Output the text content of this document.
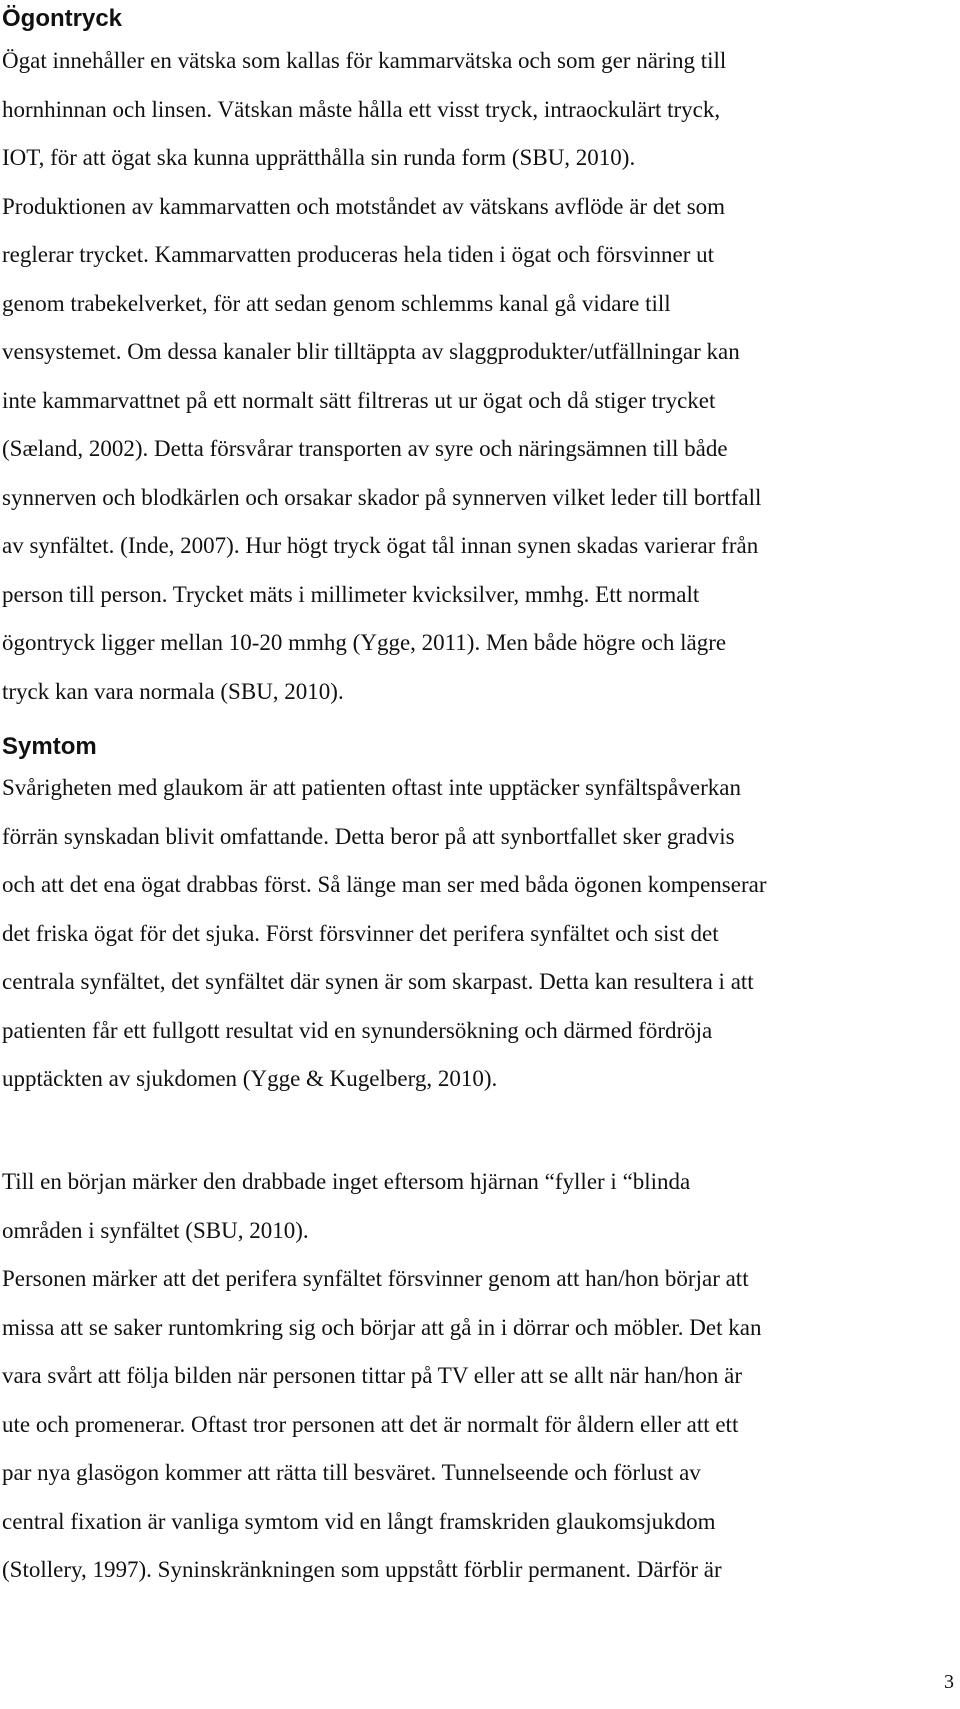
Ögontryck
Ögat innehåller en vätska som kallas för kammarvätska och som ger näring till
hornhinnan och linsen. Vätskan måste hålla ett visst tryck, intraockulärt tryck,
IOT, för att ögat ska kunna upprätthålla sin runda form (SBU, 2010).
Produktionen av kammarvatten och motståndet av vätskans avflöde är det som
reglerar trycket. Kammarvatten produceras hela tiden i ögat och försvinner ut
genom trabekelverket, för att sedan genom schlemms kanal gå vidare till
vensystemet. Om dessa kanaler blir tilltäppta av slaggprodukter/utfällningar kan
inte kammarvattnet på ett normalt sätt filtreras ut ur ögat och då stiger trycket
(Sæland, 2002). Detta försvårar transporten av syre och näringsämnen till både
synnerven och blodkärlen och orsakar skador på synnerven vilket leder till bortfall
av synfältet. (Inde, 2007). Hur högt tryck ögat tål innan synen skadas varierar från
person till person. Trycket mäts i millimeter kvicksilver, mmhg. Ett normalt
ögontryck ligger mellan 10-20 mmhg (Ygge, 2011). Men både högre och lägre
tryck kan vara normala (SBU, 2010).
Symtom
Svårigheten med glaukom är att patienten oftast inte upptäcker synfältspåverkan
förrän synskadan blivit omfattande. Detta beror på att synbortfallet sker gradvis
och att det ena ögat drabbas först. Så länge man ser med båda ögonen kompenserar
det friska ögat för det sjuka. Först försvinner det perifera synfältet och sist det
centrala synfältet, det synfältet där synen är som skarpast. Detta kan resultera i att
patienten får ett fullgott resultat vid en synundersökning och därmed fördröja
upptäckten av sjukdomen (Ygge & Kugelberg, 2010).
Till en början märker den drabbade inget eftersom hjärnan “fyller i “blinda
områden i synfältet (SBU, 2010).
Personen märker att det perifera synfältet försvinner genom att han/hon börjar att
missa att se saker runtomkring sig och börjar att gå in i dörrar och möbler. Det kan
vara svårt att följa bilden när personen tittar på TV eller att se allt när han/hon är
ute och promenerar. Oftast tror personen att det är normalt för åldern eller att ett
par nya glasögon kommer att rätta till besväret. Tunnelseende och förlust av
central fixation är vanliga symtom vid en långt framskriden glaukomsjukdom
(Stollery, 1997). Syninskränkningen som uppstått förblir permanent. Därför är

3
